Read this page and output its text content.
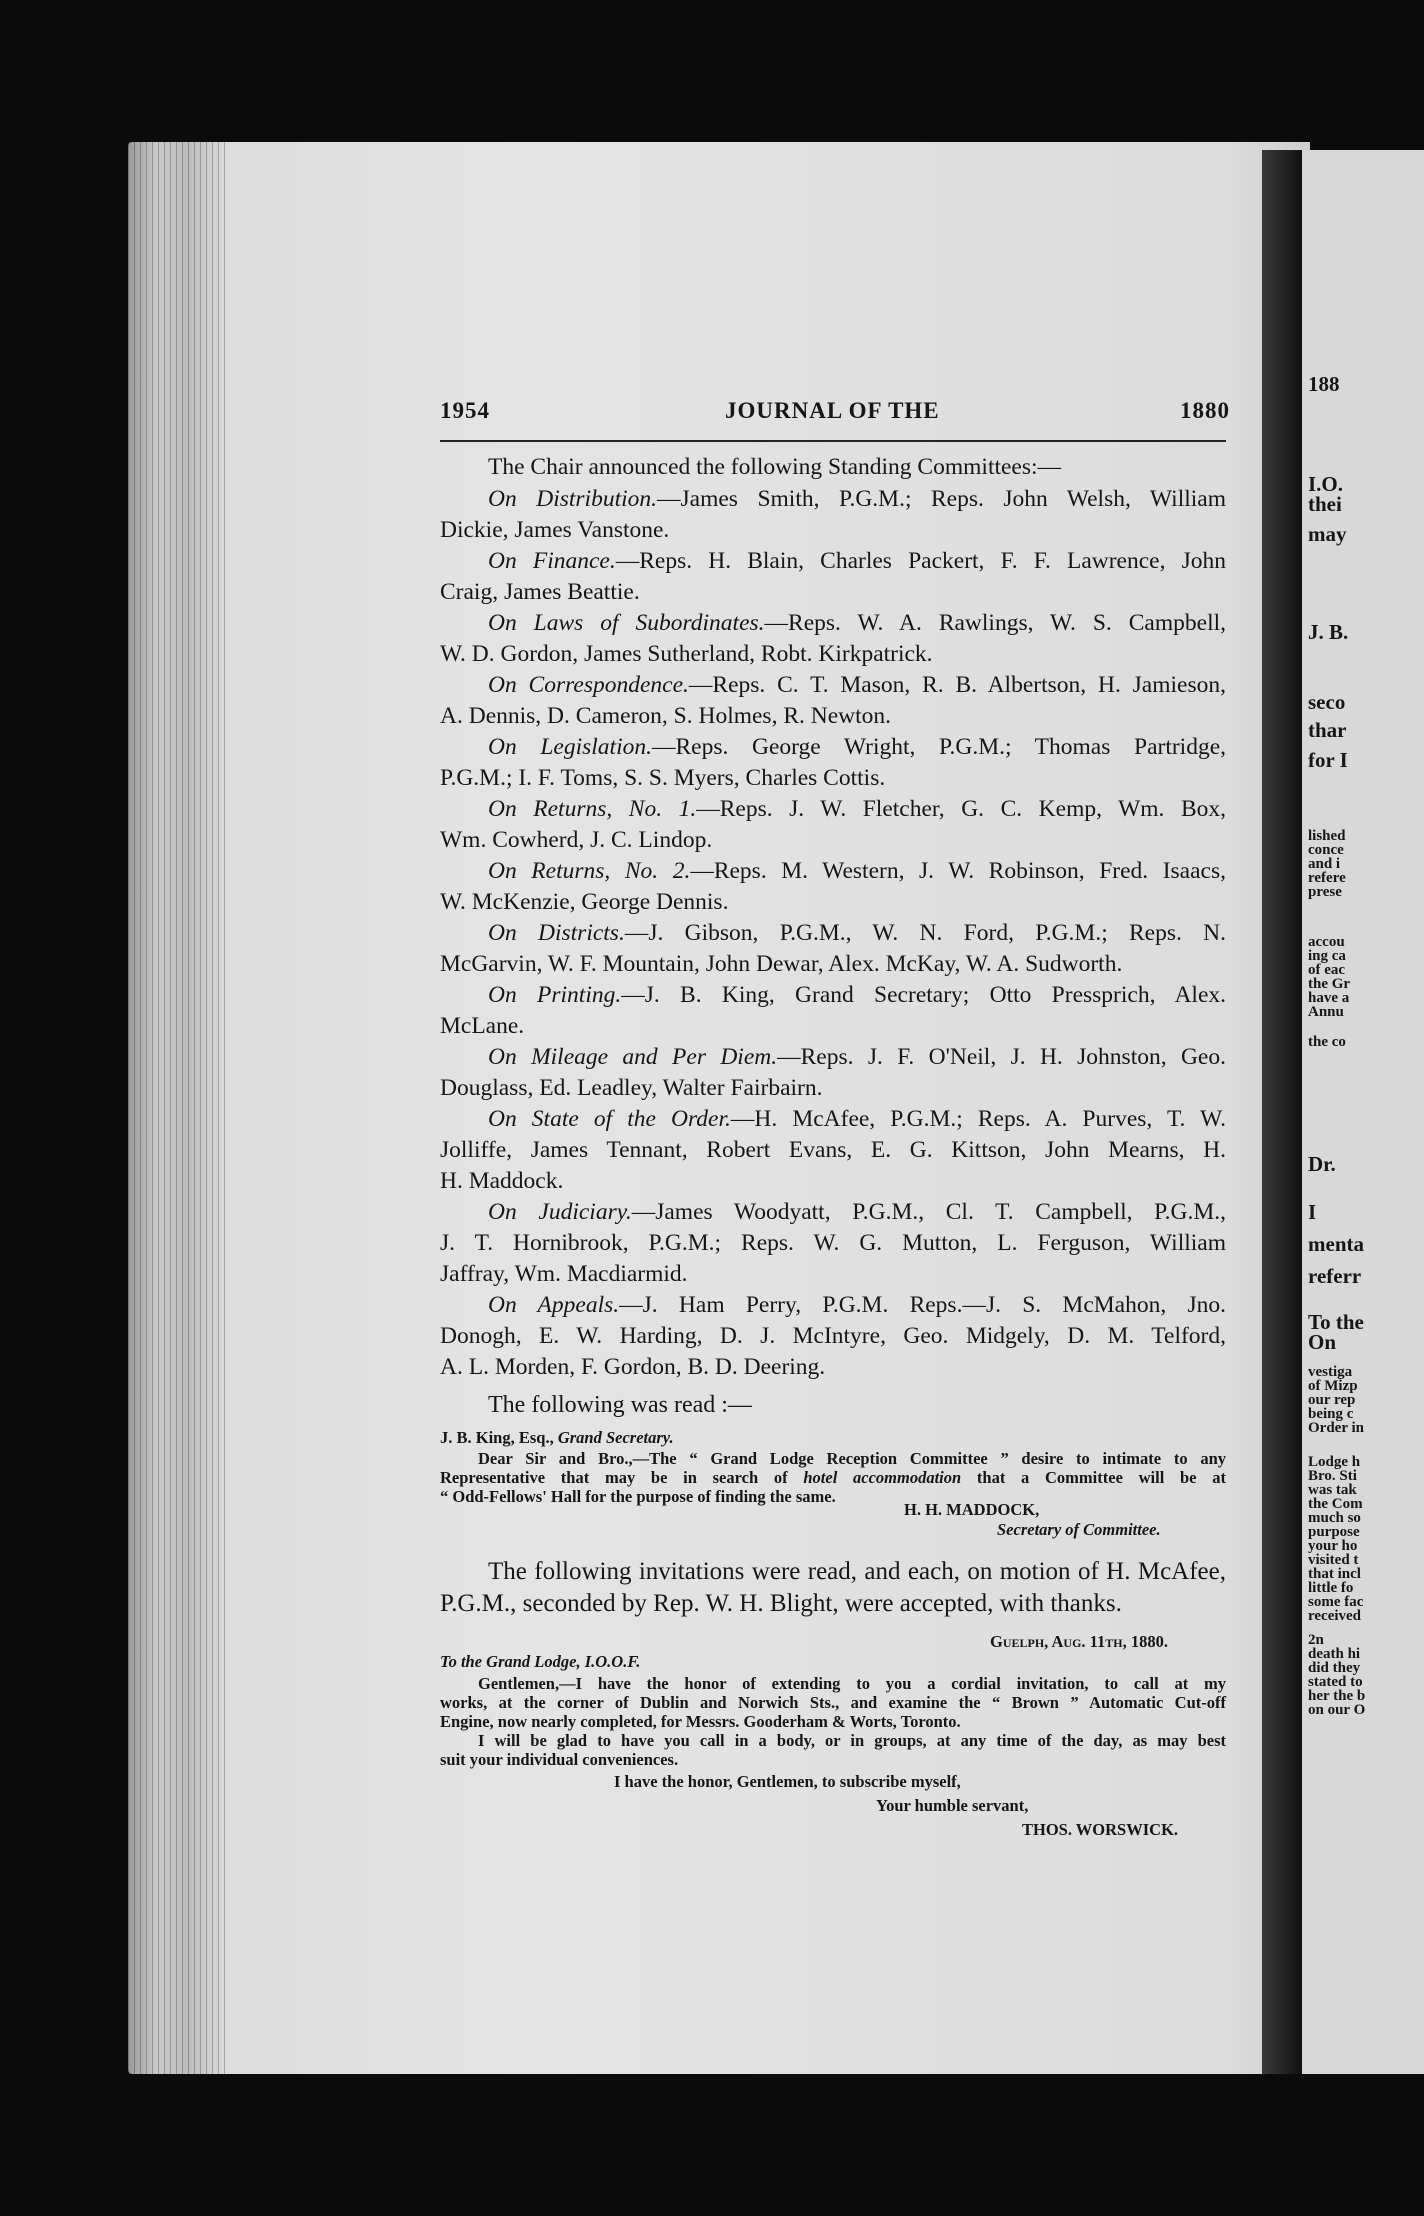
188
I.O.
thei
may
J. B.
seco
thar
for I
lished
conce
and i
refere
prese
accou
ing ca
of eac
the Gr
have a
Annu
the co
Dr.
I
menta
referr
To the
On
vestiga
of Mizp
our rep
being c
Order in
Lodge h
Bro. Sti
was tak
the Com
much so
purpose
your ho
visited t
that incl
little fo
some fac
received
2n
death hi
did they
stated to
her the b
on our O
1954	JOURNAL OF THE	1880
The Chair announced the following Standing Committees:—
On Distribution.—James Smith, P.G.M.; Reps. John Welsh, William
Dickie, James Vanstone.
On Finance.—Reps. H. Blain, Charles Packert, F. F. Lawrence, John
Craig, James Beattie.
On Laws of Subordinates.—Reps. W. A. Rawlings, W. S. Campbell,
W. D. Gordon, James Sutherland, Robt. Kirkpatrick.
On Correspondence.—Reps. C. T. Mason, R. B. Albertson, H. Jamieson,
A. Dennis, D. Cameron, S. Holmes, R. Newton.
On Legislation.—Reps. George Wright, P.G.M.; Thomas Partridge,
P.G.M.; I. F. Toms, S. S. Myers, Charles Cottis.
On Returns, No. 1.—Reps. J. W. Fletcher, G. C. Kemp, Wm. Box,
Wm. Cowherd, J. C. Lindop.
On Returns, No. 2.—Reps. M. Western, J. W. Robinson, Fred. Isaacs,
W. McKenzie, George Dennis.
On Districts.—J. Gibson, P.G.M., W. N. Ford, P.G.M.; Reps. N.
McGarvin, W. F. Mountain, John Dewar, Alex. McKay, W. A. Sudworth.
On Printing.—J. B. King, Grand Secretary; Otto Pressprich, Alex.
McLane.
On Mileage and Per Diem.—Reps. J. F. O'Neil, J. H. Johnston, Geo.
Douglass, Ed. Leadley, Walter Fairbairn.
On State of the Order.—H. McAfee, P.G.M.; Reps. A. Purves, T. W.
Jolliffe, James Tennant, Robert Evans, E. G. Kittson, John Mearns, H.
H. Maddock.
On Judiciary.—James Woodyatt, P.G.M., Cl. T. Campbell, P.G.M.,
J. T. Hornibrook, P.G.M.; Reps. W. G. Mutton, L. Ferguson, William
Jaffray, Wm. Macdiarmid.
On Appeals.—J. Ham Perry, P.G.M. Reps.—J. S. McMahon, Jno.
Donogh, E. W. Harding, D. J. McIntyre, Geo. Midgely, D. M. Telford,
A. L. Morden, F. Gordon, B. D. Deering.
The following was read :—
J. B. King, Esq., Grand Secretary.
Dear Sir and Bro.,—The “ Grand Lodge Reception Committee ” desire to intimate to any
Representative that may be in search of hotel accommodation that a Committee will be at
“ Odd-Fellows' Hall for the purpose of finding the same.
H. H. MADDOCK,
Secretary of Committee.
The following invitations were read, and each, on motion of H. McAfee,
P.G.M., seconded by Rep. W. H. Blight, were accepted, with thanks.
Guelph, Aug. 11th, 1880.
To the Grand Lodge, I.O.O.F.
Gentlemen,—I have the honor of extending to you a cordial invitation, to call at my
works, at the corner of Dublin and Norwich Sts., and examine the “ Brown ” Automatic Cut-off
Engine, now nearly completed, for Messrs. Gooderham & Worts, Toronto.
I will be glad to have you call in a body, or in groups, at any time of the day, as may best
suit your individual conveniences.
I have the honor, Gentlemen, to subscribe myself,
Your humble servant,
THOS. WORSWICK.
